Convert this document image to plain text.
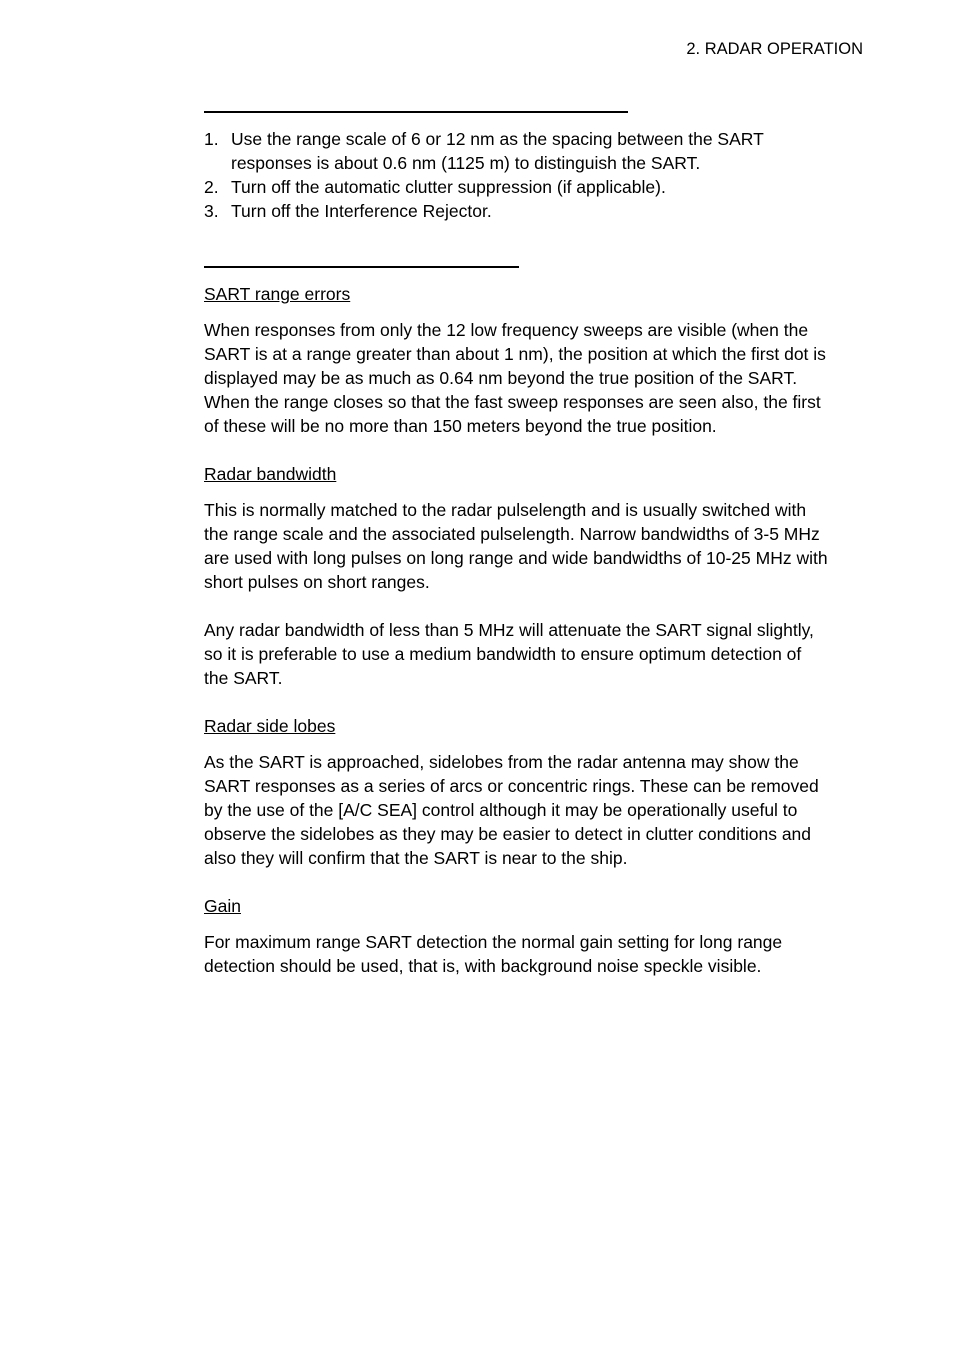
2. RADAR OPERATION
1. Use the range scale of 6 or 12 nm as the spacing between the SART
responses is about 0.6 nm (1125 m) to distinguish the SART.
2. Turn off the automatic clutter suppression (if applicable).
3. Turn off the Interference Rejector.
SART range errors
When responses from only the 12 low frequency sweeps are visible (when the
SART is at a range greater than about 1 nm), the position at which the first dot is
displayed may be as much as 0.64 nm beyond the true position of the SART.
When the range closes so that the fast sweep responses are seen also, the first
of these will be no more than 150 meters beyond the true position.
Radar bandwidth
This is normally matched to the radar pulselength and is usually switched with
the range scale and the associated pulselength. Narrow bandwidths of 3-5 MHz
are used with long pulses on long range and wide bandwidths of 10-25 MHz with
short pulses on short ranges.
Any radar bandwidth of less than 5 MHz will attenuate the SART signal slightly,
so it is preferable to use a medium bandwidth to ensure optimum detection of
the SART.
Radar side lobes
As the SART is approached, sidelobes from the radar antenna may show the
SART responses as a series of arcs or concentric rings. These can be removed
by the use of the [A/C SEA] control although it may be operationally useful to
observe the sidelobes as they may be easier to detect in clutter conditions and
also they will confirm that the SART is near to the ship.
Gain
For maximum range SART detection the normal gain setting for long range
detection should be used, that is, with background noise speckle visible.
